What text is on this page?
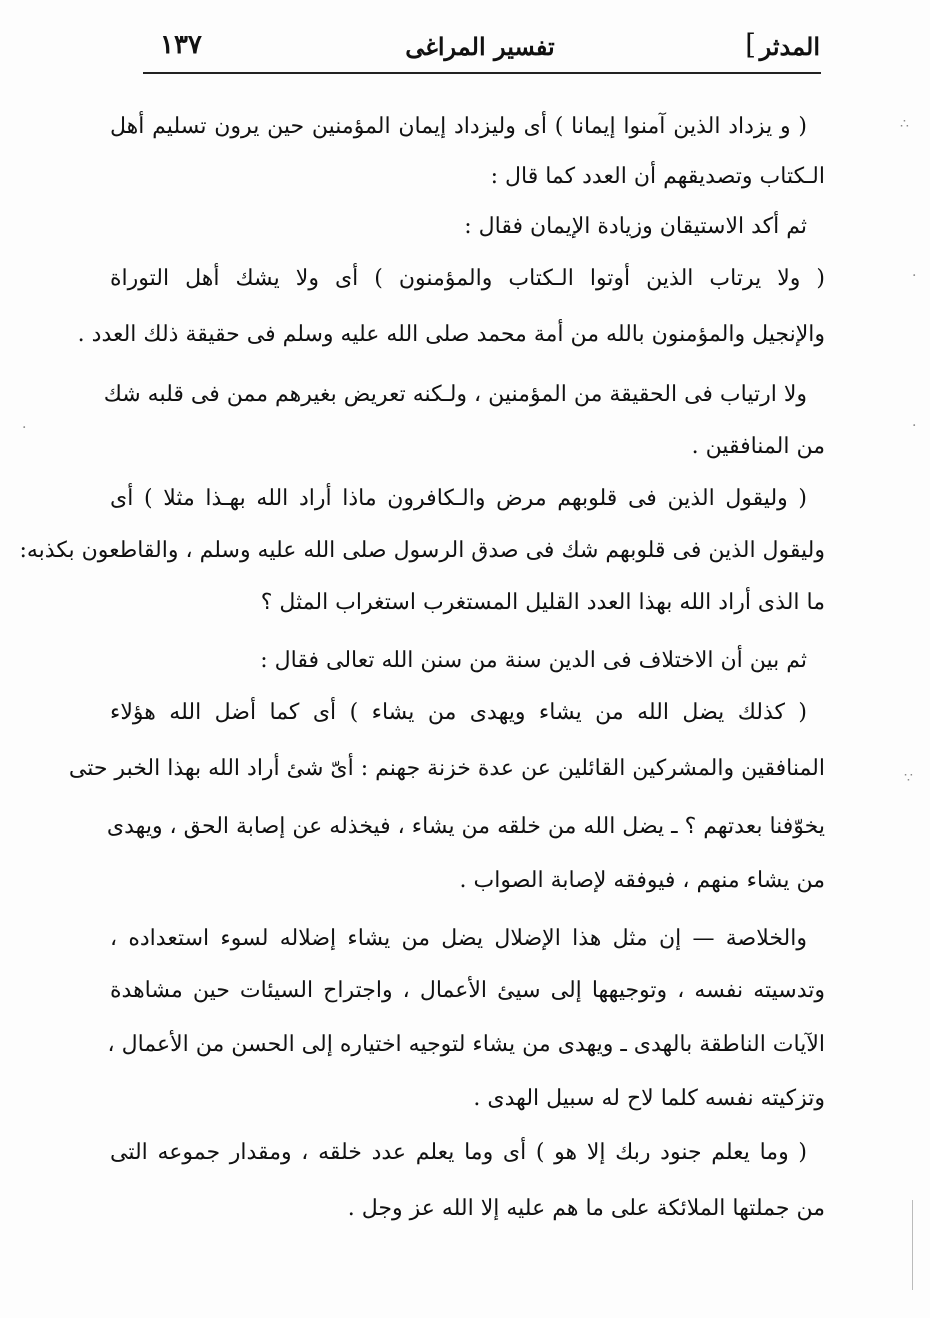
المدثر
]
تفسير المراغى
١٣٧
( و يزداد الذين آمنوا إيمانا ) أى وليزداد إيمان المؤمنين حين يرون تسليم أهل
الـكتاب وتصديقهم أن العدد كما قال :
ثم أكد الاستيقان وزيادة الإيمان فقال :
( ولا يرتاب الذين أوتوا الـكتاب والمؤمنون ) أى ولا يشك أهل التوراة
والإنجيل والمؤمنون بالله من أمة محمد صلى الله عليه وسلم فى حقيقة ذلك العدد .
ولا ارتياب فى الحقيقة من المؤمنين ، ولـكنه تعريض بغيرهم ممن فى قلبه شك
من المنافقين .
( وليقول الذين فى قلوبهم مرض والـكافرون ماذا أراد الله بهـذا مثلا ) أى
وليقول الذين فى قلوبهم شك فى صدق الرسول صلى الله عليه وسلم ، والقاطعون بكذبه:
ما الذى أراد الله بهذا العدد القليل المستغرب استغراب المثل ؟
ثم بين أن الاختلاف فى الدين سنة من سنن الله تعالى فقال :
( كذلك يضل الله من يشاء ويهدى من يشاء ) أى كما أضل الله هؤلاء
المنافقين والمشركين القائلين عن عدة خزنة جهنم : أىّ شئ أراد الله بهذا الخبر حتى
يخوّفنا بعدتهم ؟ ـ يضل الله من خلقه من يشاء ، فيخذله عن إصابة الحق ، ويهدى
من يشاء منهم ، فيوفقه لإصابة الصواب .
والخلاصة — إن مثل هذا الإضلال يضل من يشاء إضلاله لسوء استعداده ،
وتدسيته نفسه ، وتوجيهها إلى سيئ الأعمال ، واجتراح السيئات حين مشاهدة
الآيات الناطقة بالهدى ـ ويهدى من يشاء لتوجيه اختياره إلى الحسن من الأعمال ،
وتزكيته نفسه كلما لاح له سبيل الهدى .
( وما يعلم جنود ربك إلا هو ) أى وما يعلم عدد خلقه ، ومقدار جموعه التى
من جملتها الملائكة على ما هم عليه إلا الله عز وجل .
∴
·
·
∵
·
